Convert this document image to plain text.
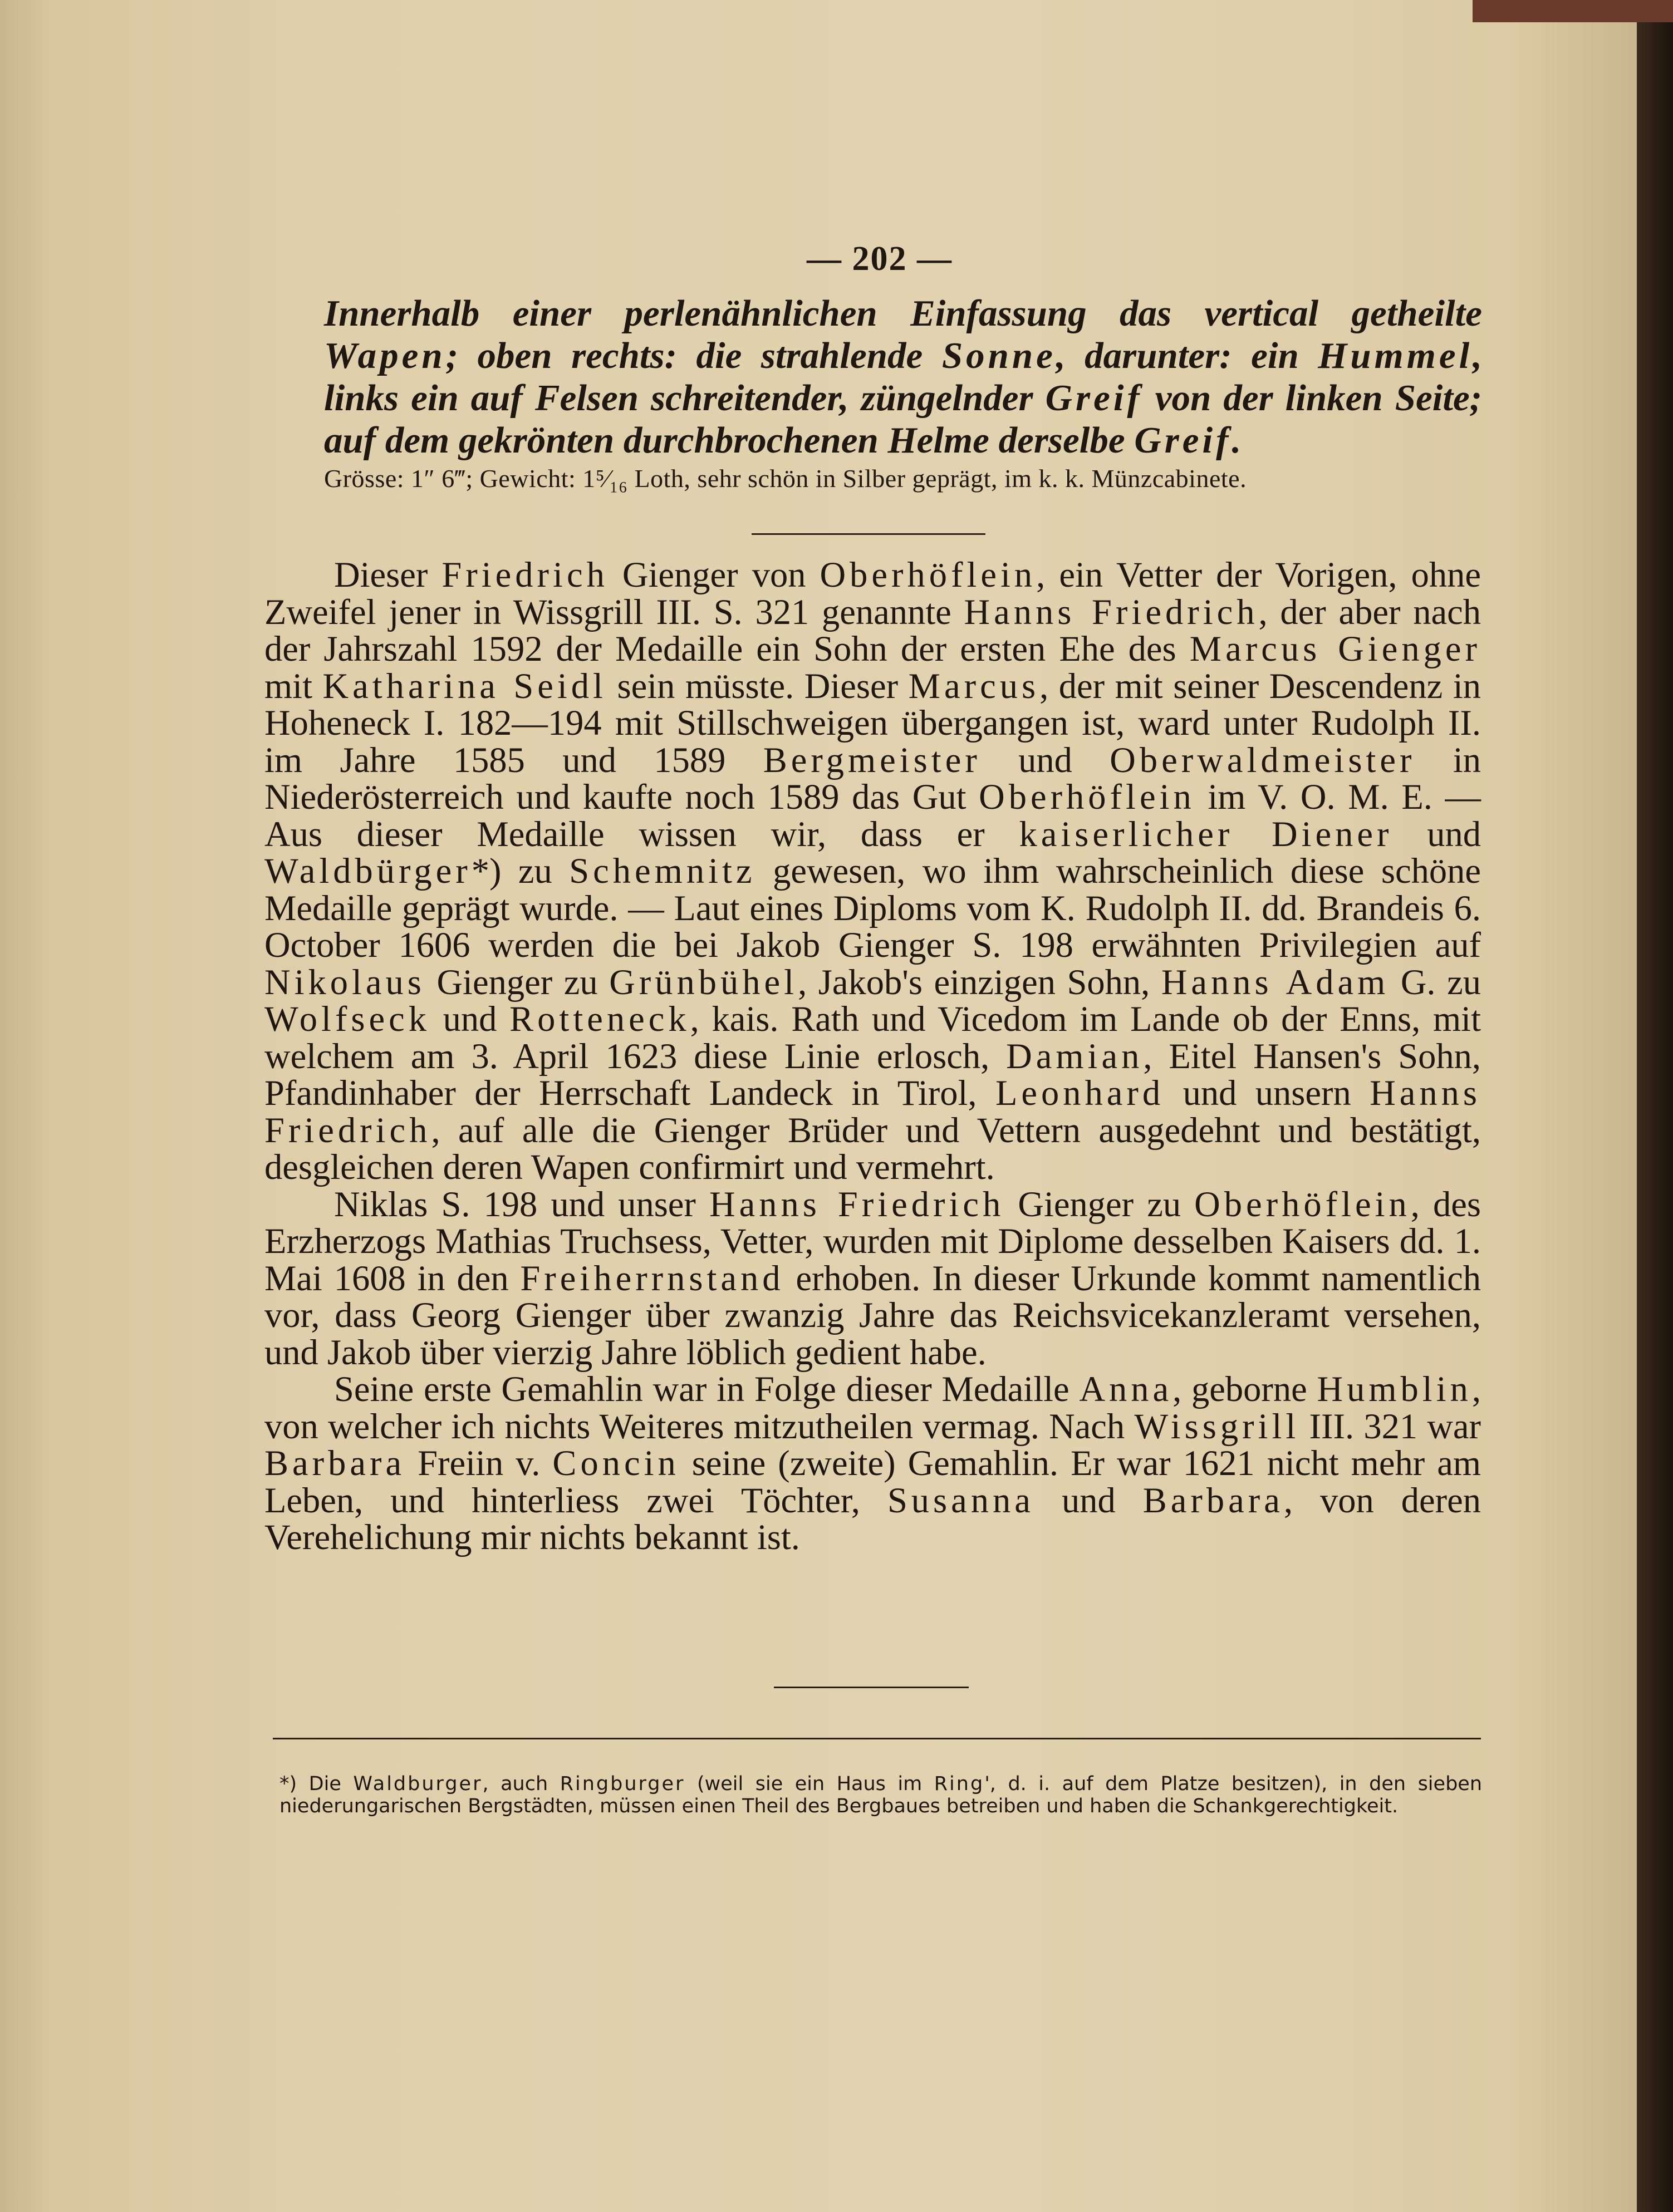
— 202 —
Innerhalb einer perlenähnlichen Einfassung das vertical getheilte Wapen; oben rechts: die strahlende Sonne, darunter: ein Hummel, links ein auf Felsen schreitender, züngelnder Greif von der linken Seite; auf dem gekrönten durchbrochenen Helme derselbe Greif.
Grösse: 1″ 6‴; Gewicht: 1⁵⁄₁₆ Loth, sehr schön in Silber geprägt, im k. k. Münzcabinete.

Dieser Friedrich Gienger von Oberhöflein, ein Vetter der Vorigen, ohne Zweifel jener in Wissgrill III. S. 321 genannte Hanns Friedrich, der aber nach der Jahrszahl 1592 der Medaille ein Sohn der ersten Ehe des Marcus Gienger mit Katharina Seidl sein müsste. Dieser Marcus, der mit seiner Descendenz in Hoheneck I. 182—194 mit Stillschweigen übergangen ist, ward unter Rudolph II. im Jahre 1585 und 1589 Bergmeister und Oberwaldmeister in Niederösterreich und kaufte noch 1589 das Gut Oberhöflein im V. O. M. E. — Aus dieser Medaille wissen wir, dass er kaiserlicher Diener und Waldbürger*) zu Schemnitz gewesen, wo ihm wahrscheinlich diese schöne Medaille geprägt wurde. — Laut eines Diploms vom K. Rudolph II. dd. Brandeis 6. October 1606 werden die bei Jakob Gienger S. 198 erwähnten Privilegien auf Nikolaus Gienger zu Grünbühel, Jakob's einzigen Sohn, Hanns Adam G. zu Wolfseck und Rotteneck, kais. Rath und Vicedom im Lande ob der Enns, mit welchem am 3. April 1623 diese Linie erlosch, Damian, Eitel Hansen's Sohn, Pfandinhaber der Herrschaft Landeck in Tirol, Leonhard und unsern Hanns Friedrich, auf alle die Gienger Brüder und Vettern ausgedehnt und bestätigt, desgleichen deren Wapen confirmirt und vermehrt.

Niklas S. 198 und unser Hanns Friedrich Gienger zu Oberhöflein, des Erzherzogs Mathias Truchsess, Vetter, wurden mit Diplome desselben Kaisers dd. 1. Mai 1608 in den Freiherrnstand erhoben. In dieser Urkunde kommt namentlich vor, dass Georg Gienger über zwanzig Jahre das Reichsvicekanzleramt versehen, und Jakob über vierzig Jahre löblich gedient habe.

Seine erste Gemahlin war in Folge dieser Medaille Anna, geborne Humblin, von welcher ich nichts Weiteres mitzutheilen vermag. Nach Wissgrill III. 321 war Barbara Freiin v. Concin seine (zweite) Gemahlin. Er war 1621 nicht mehr am Leben, und hinterliess zwei Töchter, Susanna und Barbara, von deren Verehelichung mir nichts bekannt ist.

*) Die Waldburger, auch Ringburger (weil sie ein Haus im Ring', d. i. auf dem Platze besitzen), in den sieben niederungarischen Bergstädten, müssen einen Theil des Bergbaues betreiben und haben die Schankgerechtigkeit.
